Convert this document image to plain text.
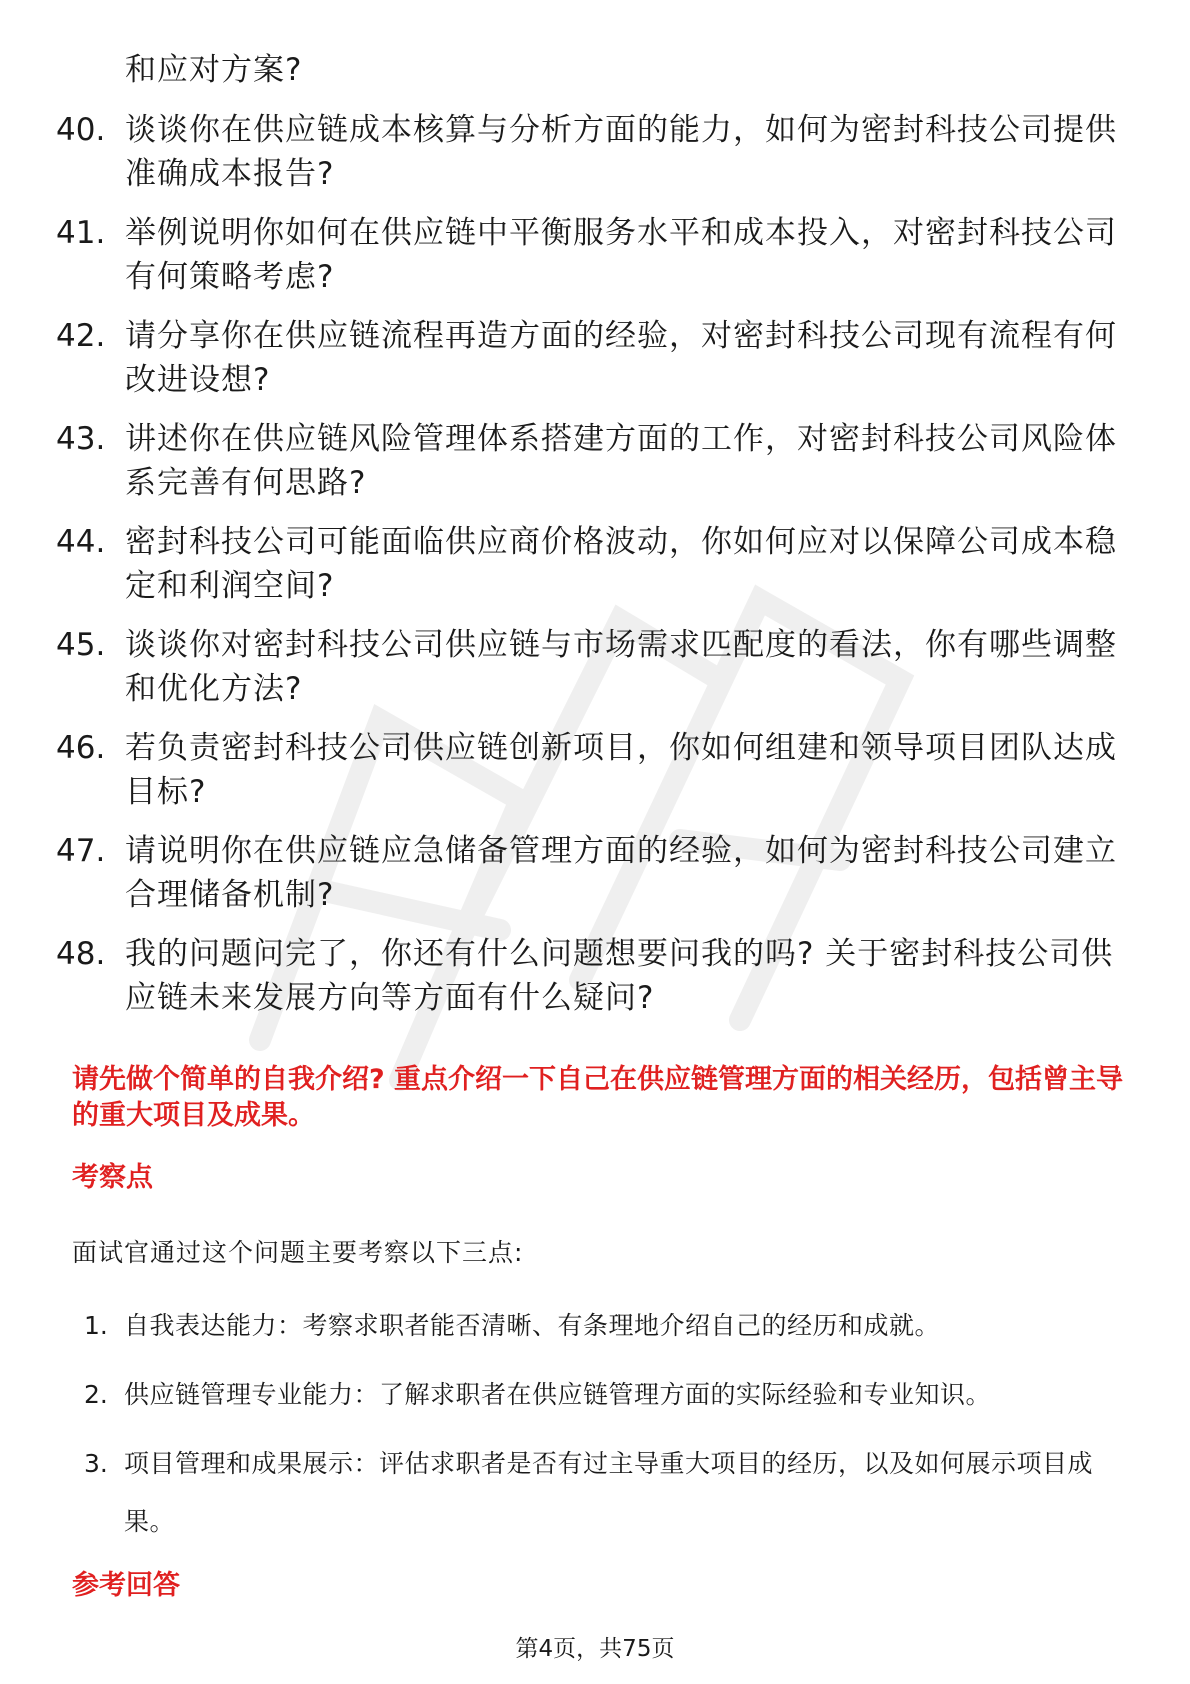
和应对方案?
40. 谈谈你在供应链成本核算与分析方面的能力，如何为密封科技公司提供准确成本报告?
41. 举例说明你如何在供应链中平衡服务水平和成本投入，对密封科技公司有何策略考虑?
42. 请分享你在供应链流程再造方面的经验，对密封科技公司现有流程有何改进设想?
43. 讲述你在供应链风险管理体系搭建方面的工作，对密封科技公司风险体系完善有何思路?
44. 密封科技公司可能面临供应商价格波动，你如何应对以保障公司成本稳定和利润空间?
45. 谈谈你对密封科技公司供应链与市场需求匹配度的看法，你有哪些调整和优化方法?
46. 若负责密封科技公司供应链创新项目，你如何组建和领导项目团队达成目标?
47. 请说明你在供应链应急储备管理方面的经验，如何为密封科技公司建立合理储备机制?
48. 我的问题问完了，你还有什么问题想要问我的吗? 关于密封科技公司供应链未来发展方向等方面有什么疑问?

请先做个简单的自我介绍? 重点介绍一下自己在供应链管理方面的相关经历，包括曾主导的重大项目及成果。

考察点

面试官通过这个问题主要考察以下三点:

1. 自我表达能力：考察求职者能否清晰、有条理地介绍自己的经历和成就。
2. 供应链管理专业能力：了解求职者在供应链管理方面的实际经验和专业知识。
3. 项目管理和成果展示：评估求职者是否有过主导重大项目的经历，以及如何展示项目成果。
参考回答
第4页，共75页
